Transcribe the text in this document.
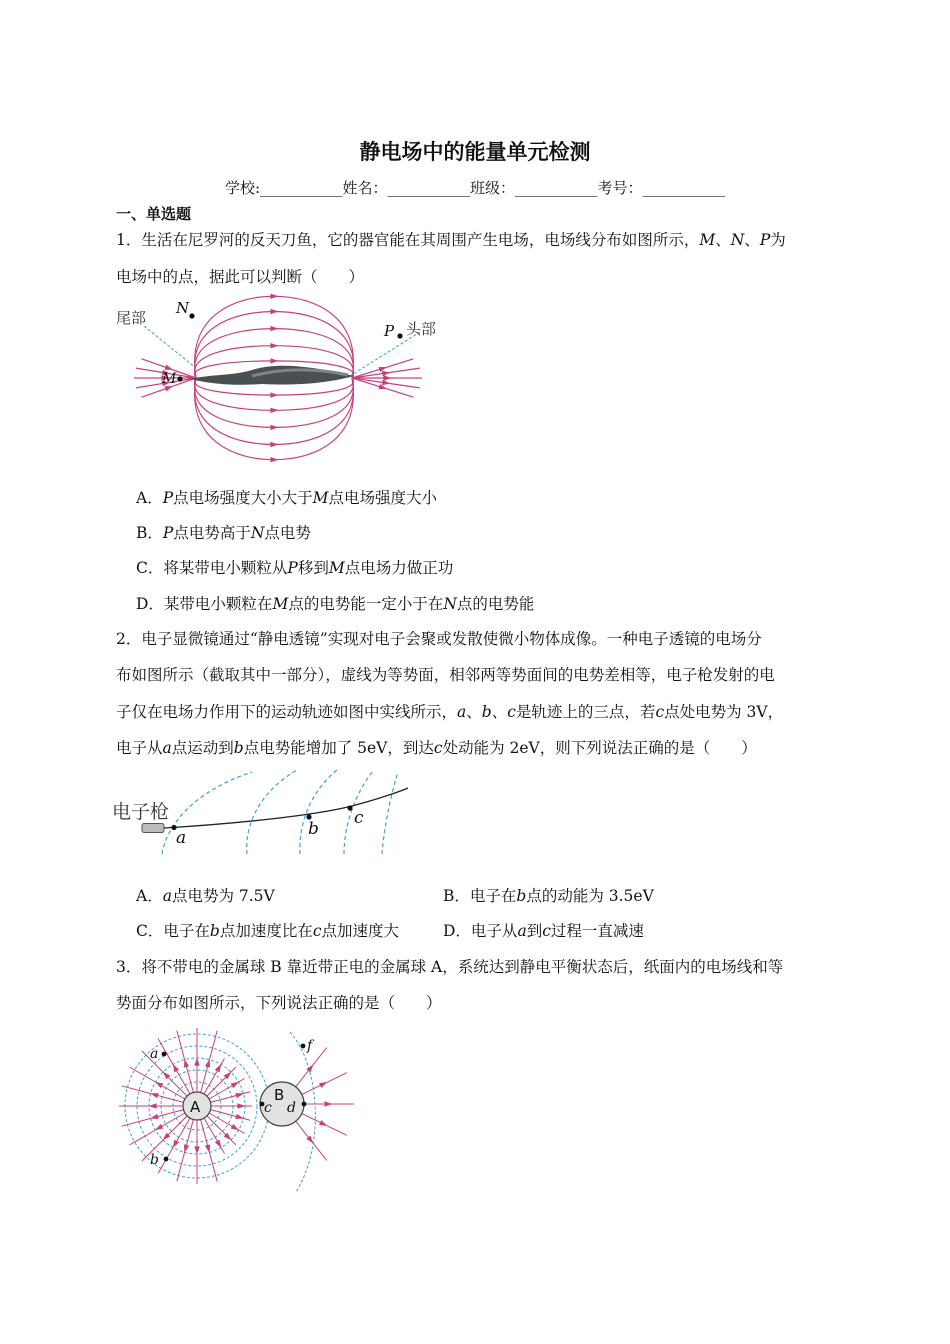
静电场中的能量单元检测
学校:___________姓名：___________班级：___________考号：___________
一、单选题
1．生活在尼罗河的反天刀鱼，它的器官能在其周围产生电场，电场线分布如图所示，M、N、P为
电场中的点，据此可以判断（　　）
尾部
头部
N
M
P
A．P点电场强度大小大于M点电场强度大小
B．P点电势高于N点电势
C．将某带电小颗粒从P移到M点电场力做正功
D．某带电小颗粒在M点的电势能一定小于在N点的电势能
2．电子显微镜通过“静电透镜”实现对电子会聚或发散使微小物体成像。一种电子透镜的电场分
布如图所示（截取其中一部分），虚线为等势面，相邻两等势面间的电势差相等，电子枪发射的电
子仅在电场力作用下的运动轨迹如图中实线所示，a、b、c是轨迹上的三点，若c点处电势为 3V，
电子从a点运动到b点电势能增加了 5eV，到达c处动能为 2eV，则下列说法正确的是（　　）
电子枪
a	b
c
A．a点电势为 7.5V	B．电子在b点的动能为 3.5eV
C．电子在b点加速度比在c点加速度大	D．电子从a到c过程一直减速
3．将不带电的金属球 B 靠近带正电的金属球 A，系统达到静电平衡状态后，纸面内的电场线和等
势面分布如图所示，下列说法正确的是（　　）
A
B
a
b
c d
f
